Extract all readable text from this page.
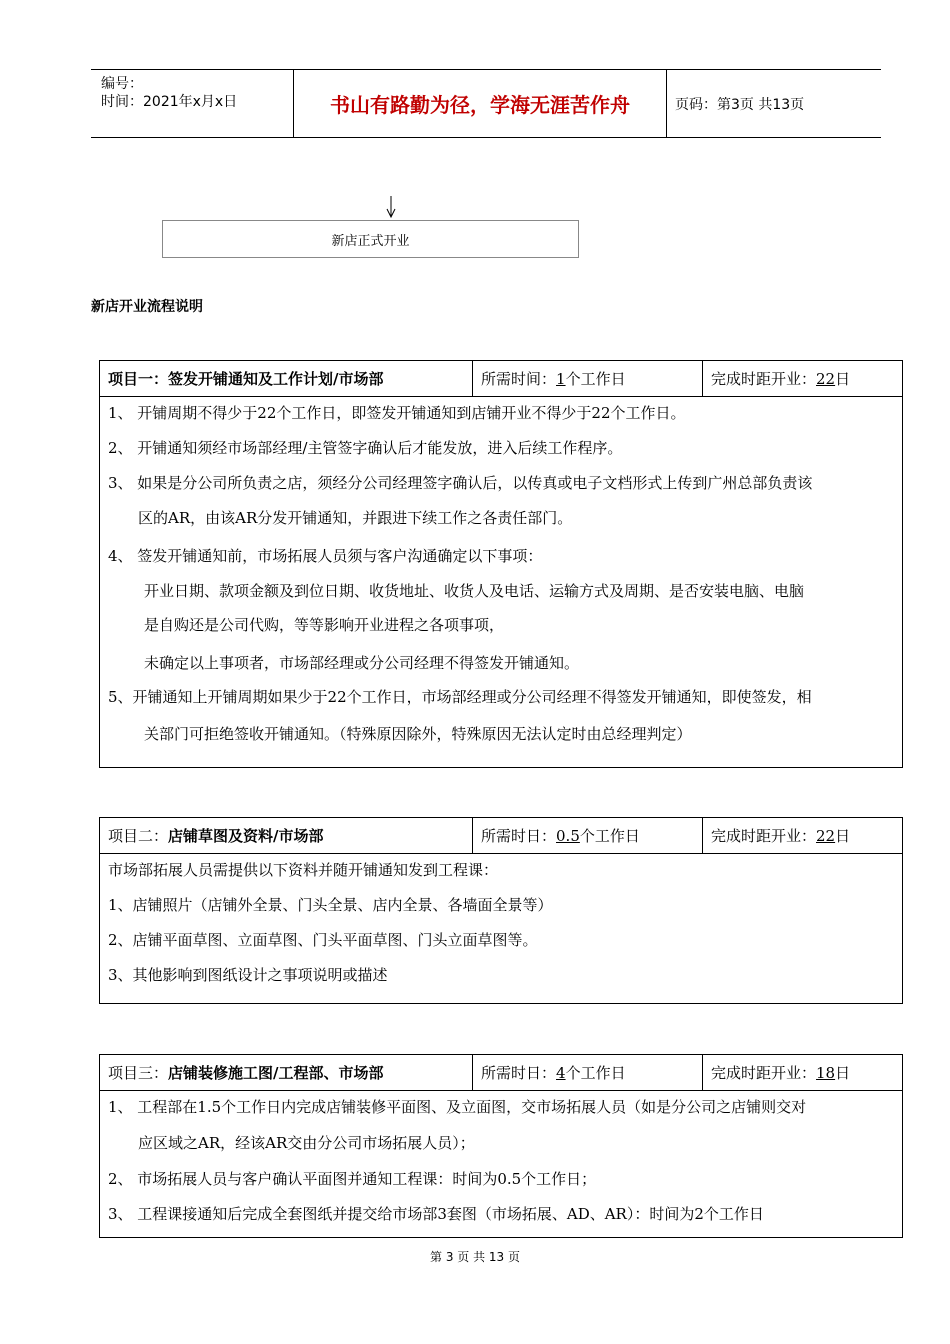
编号：
时间：2021年x月x日	书山有路勤为径，学海无涯苦作舟	页码：第3页 共13页
新店正式开业
新店开业流程说明
项目一： 签发开铺通知及工作计划/市场部	所需时间： 1 个工作日	完成时距开业： 22 日
1、 开铺周期不得少于22个工作日，即签发开铺通知到店铺开业不得少于22个工作日。
2、 开铺通知须经市场部经理/主管签字确认后才能发放，进入后续工作程序。
3、 如果是分公司所负责之店，须经分公司经理签字确认后，以传真或电子文档形式上传到广州总部负责该
区的AR，由该AR分发开铺通知，并跟进下续工作之各责任部门。
4、 签发开铺通知前，市场拓展人员须与客户沟通确定以下事项：
开业日期、款项金额及到位日期、收货地址、收货人及电话、运输方式及周期、是否安装电脑、电脑
是自购还是公司代购，等等影响开业进程之各项事项，
未确定以上事项者，市场部经理或分公司经理不得签发开铺通知。
5、开铺通知上开铺周期如果少于22个工作日，市场部经理或分公司经理不得签发开铺通知，即使签发，相
关部门可拒绝签收开铺通知。（特殊原因除外，特殊原因无法认定时由总经理判定）
项目二： 店铺草图及资料/市场部	所需时日： 0.5 个工作日	完成时距开业： 22 日
市场部拓展人员需提供以下资料并随开铺通知发到工程课：
1、店铺照片（店铺外全景、门头全景、店内全景、各墙面全景等）
2、店铺平面草图、立面草图、门头平面草图、门头立面草图等。
3、其他影响到图纸设计之事项说明或描述
项目三： 店铺装修施工图/工程部、市场部	所需时日： 4 个工作日	完成时距开业： 18 日
1、 工程部在1.5个工作日内完成店铺装修平面图、及立面图，交市场拓展人员（如是分公司之店铺则交对
应区域之AR，经该AR交由分公司市场拓展人员）；
2、 市场拓展人员与客户确认平面图并通知工程课：时间为0.5个工作日；
3、 工程课接通知后完成全套图纸并提交给市场部3套图（市场拓展、AD、AR）：时间为2个工作日
第 3 页 共 13 页
